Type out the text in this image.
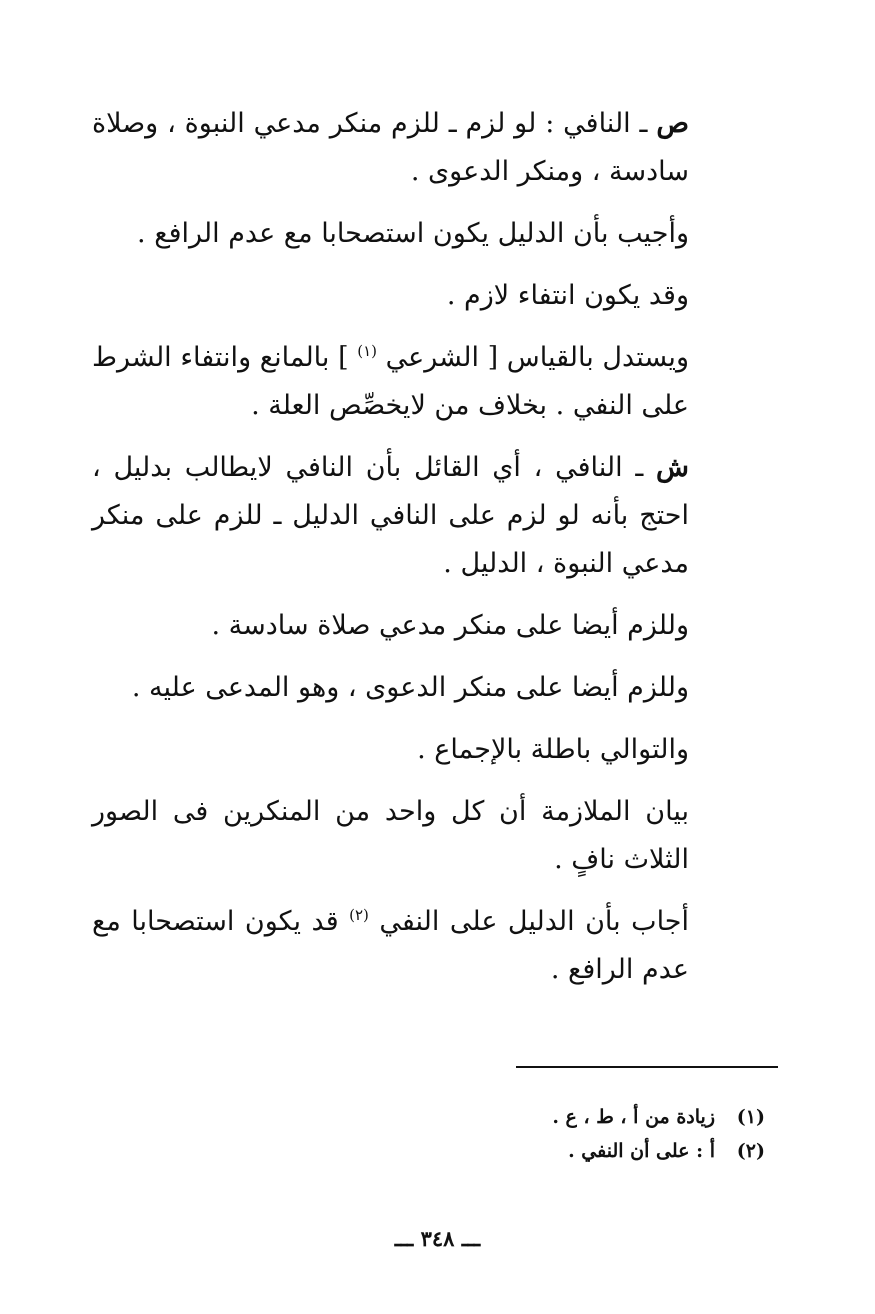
ص ـ النافي : لو لزم ـ للزم منكر مدعي النبوة ، وصلاة سادسة ، ومنكر الدعوى .

وأجيب بأن الدليل يكون استصحابا مع عدم الرافع .

وقد يكون انتفاء لازم .

ويستدل بالقياس [ الشرعي $^{(١)}$ ] بالمانع وانتفاء الشرط على النفي . بخلاف من لايخصِّص العلة .

ش ـ النافي ، أي القائل بأن النافي لايطالب بدليل ، احتج بأنه لو لزم على النافي الدليل ـ للزم على منكر مدعي النبوة ، الدليل .

وللزم أيضا على منكر مدعي صلاة سادسة .

وللزم أيضا على منكر الدعوى ، وهو المدعى عليه .

والتوالي باطلة بالإجماع .

بيان الملازمة أن كل واحد من المنكرين فى الصور الثلاث نافٍ .

أجاب بأن الدليل على النفي $^{(٢)}$ قد يكون استصحابا مع عدم الرافع .

(١)زيادة من أ ، ط ، ع .
(٢)أ : على أن النفي .
ـــ ٣٤٨ ـــ
